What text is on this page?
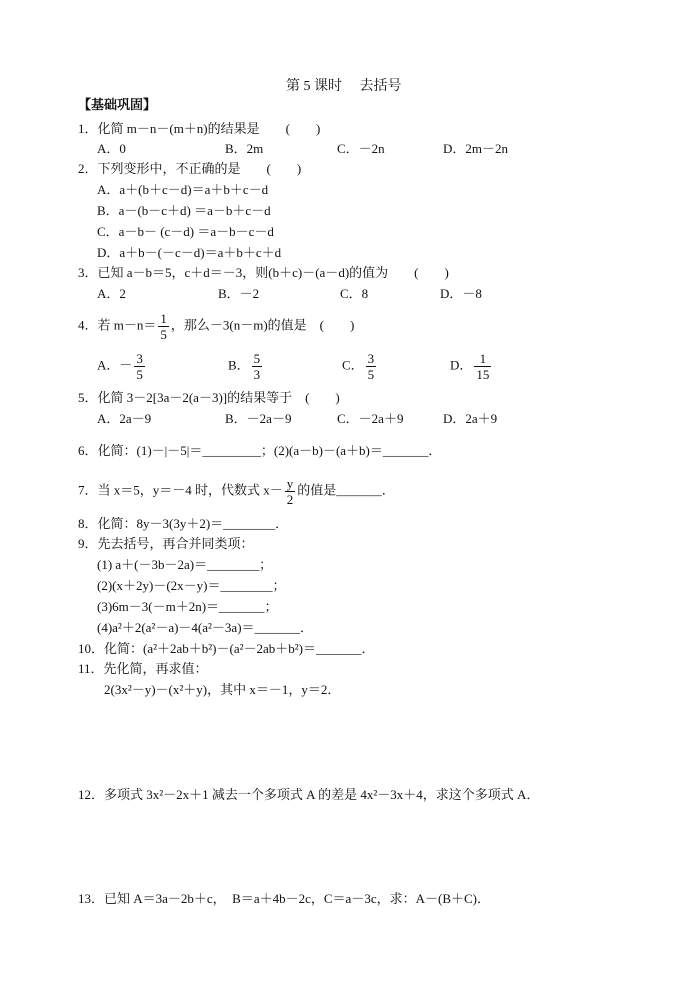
第 5 课时　 去括号
【基础巩固】
1．化简 m－n－(m＋n)的结果是　　(　　)
A．0	B．2m	C．－2n	D．2m－2n
2．下列变形中，不正确的是　　(　　)
A．a＋(b＋c－d)＝a＋b＋c－d
B．a－(b－c＋d) ＝a－b＋c－d
C．a－b－ (c－d) ＝a－b－c－d
D．a＋b－(－c－d)＝a＋b＋c＋d
3．已知 a－b＝5，c＋d＝－3，则(b＋c)－(a－d)的值为　　(　　)
A．2	B．－2	C．8	D．－8
4．若 $m-n= \frac{1}{5}$ ，那么－3(n－m)的值是　(　　)
A．－ $\frac{3}{5}$	B． $\frac{5}{3}$	C． $\frac{3}{5}$	D． $\frac{1}{15}$
5．化简 3－2[3a－2(a－3)]的结果等于　(　　)
A．2a－9	B．－2a－9	C．－2a＋9	D．2a＋9
6．化简：(1)－|－5|＝_________；(2)(a－b)－(a＋b)＝_______．
7．当 x＝5，y＝－4 时，代数式 $x- \frac{y}{2}$ 的值是_______．
8．化简：8y－3(3y＋2)＝________．
9．先去括号，再合并同类项：
(1) a＋(－3b－2a)＝________；
(2)(x＋2y)－(2x－y)＝________；
(3)6m－3(－m＋2n)＝_______；
(4)a²＋2(a²－a)－4(a²－3a)＝_______．
10．化简：(a²＋2ab＋b²)－(a²－2ab＋b²)＝_______．
11．先化简，再求值：
2(3x²－y)－(x²＋y)，其中 x＝－1，y＝2．
12．多项式 3x²－2x＋1 减去一个多项式 A 的差是 4x²－3x＋4，求这个多项式 A．
13．已知 A＝3a－2b＋c，　B＝a＋4b－2c，C＝a－3c，求：A－(B＋C)．
